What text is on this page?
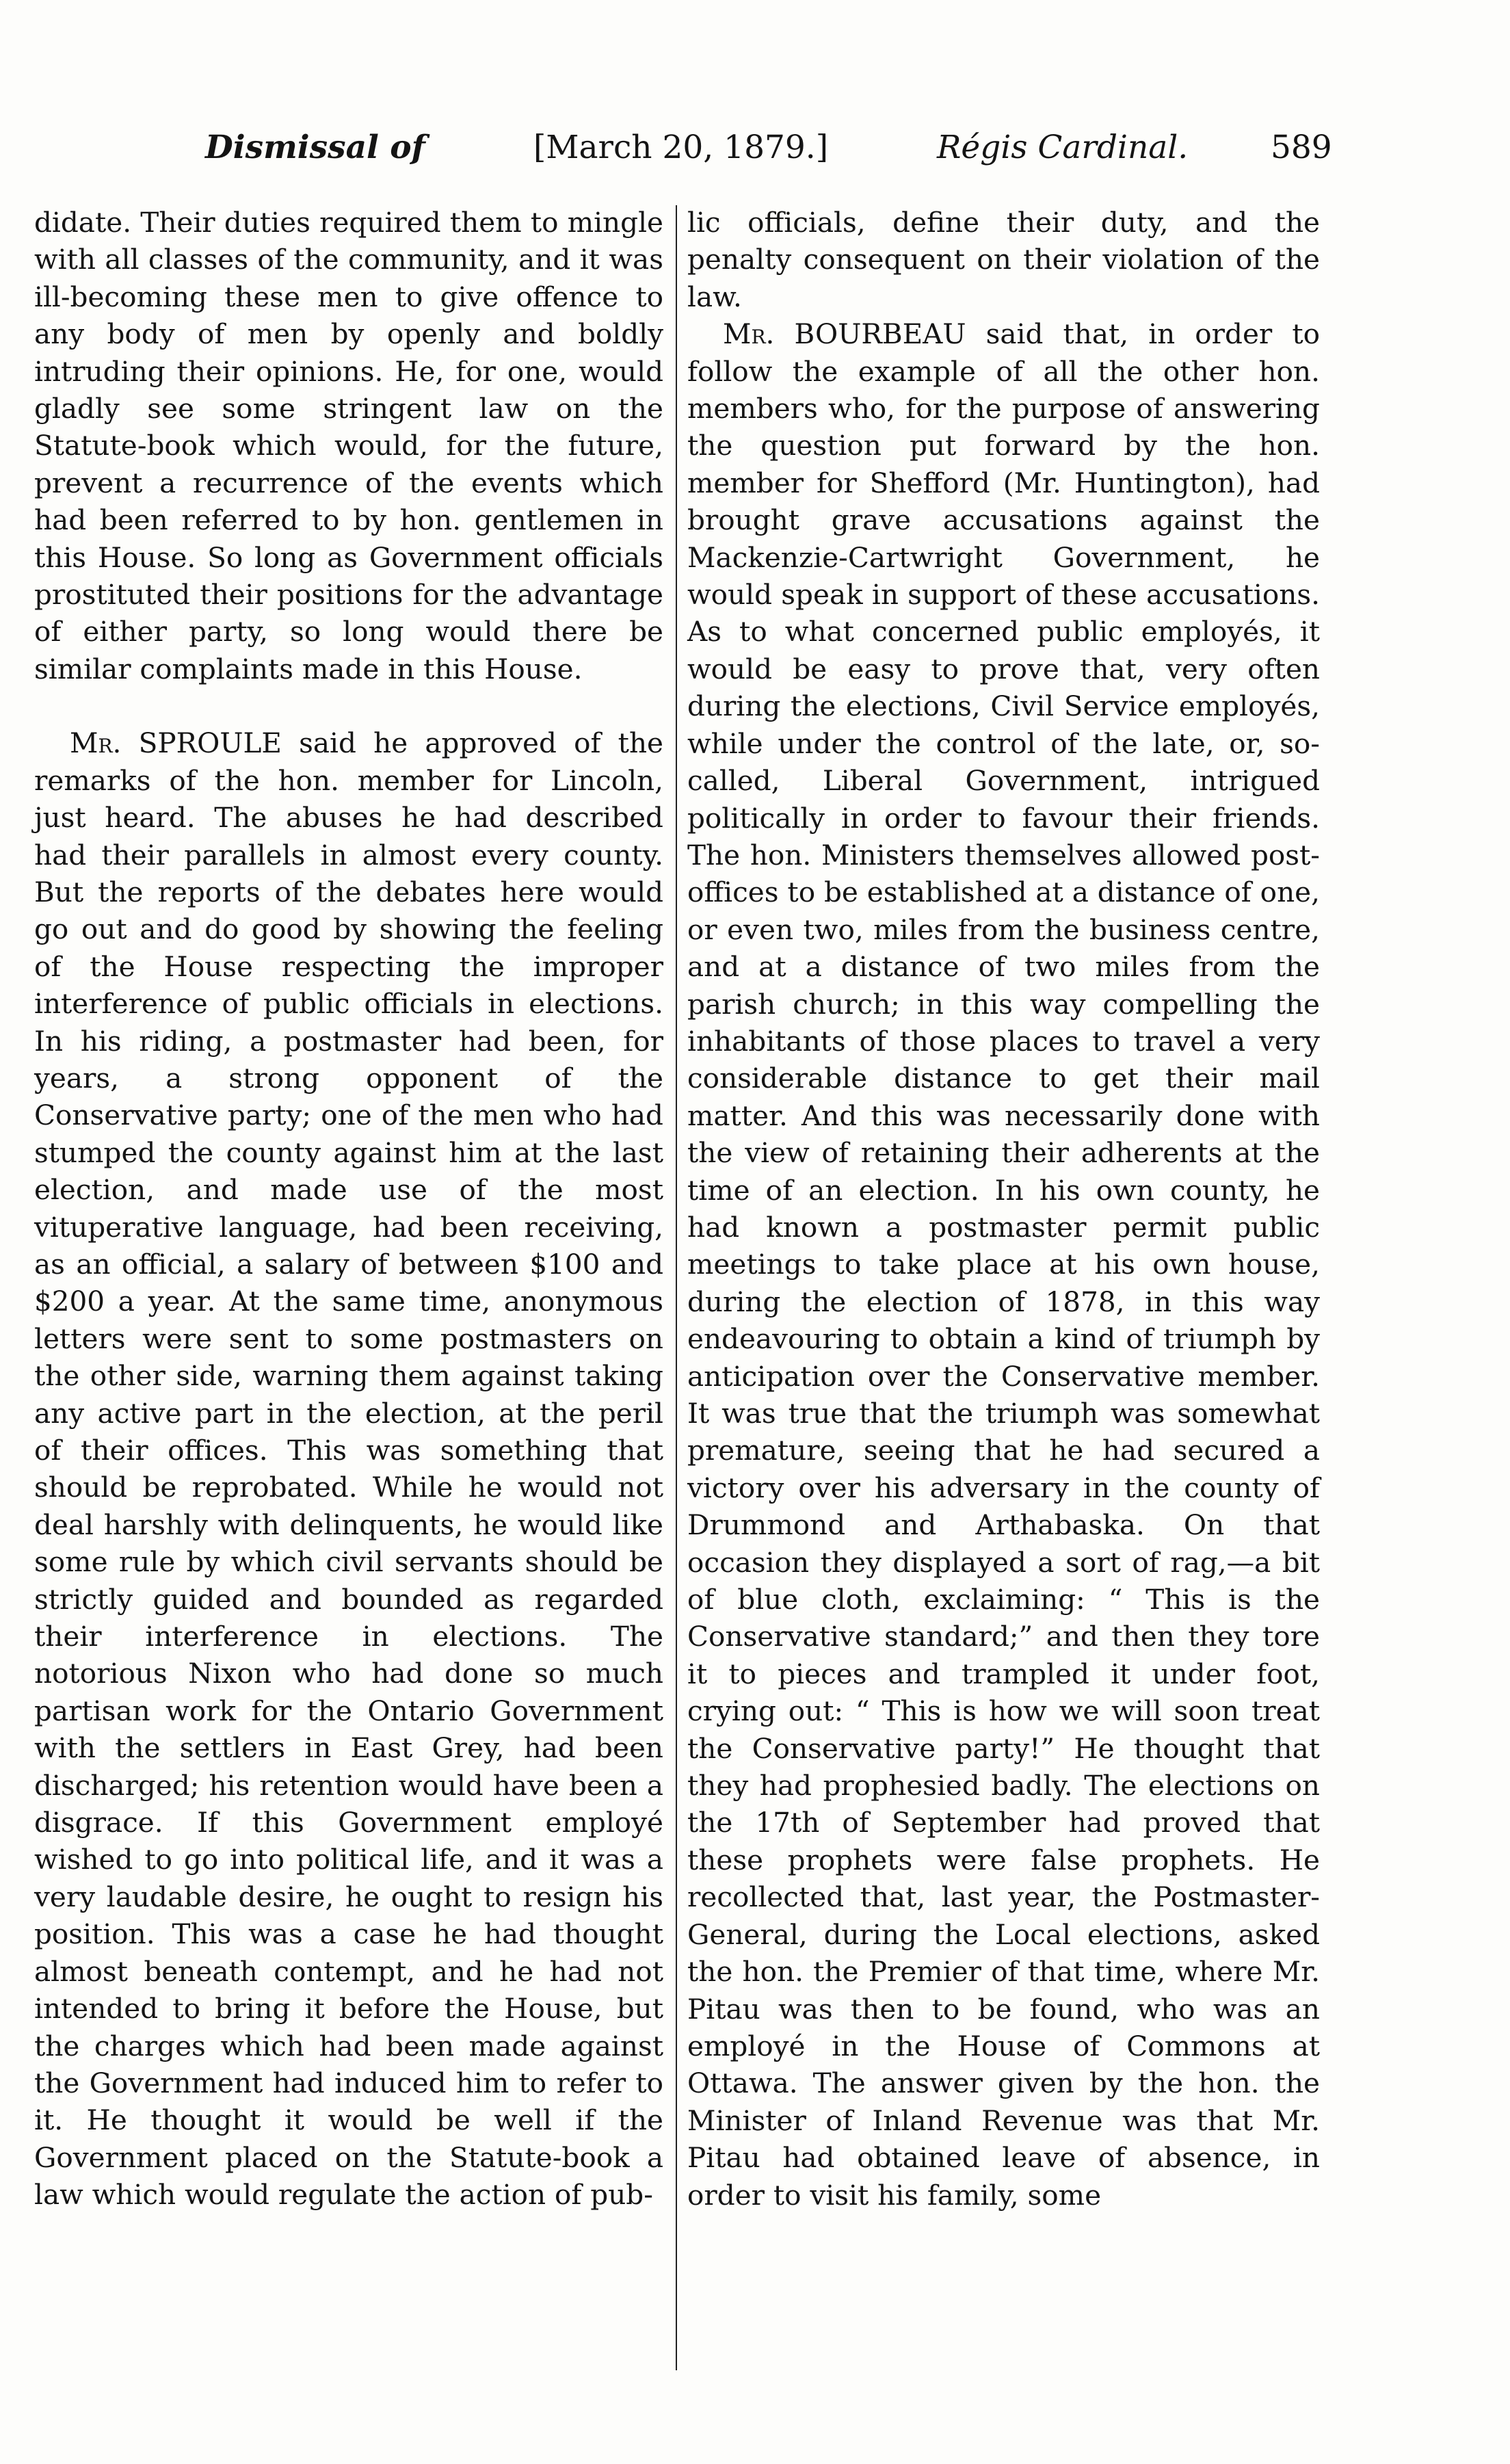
Dismissal of	[March 20, 1879.]	Régis Cardinal.	589

didate. Their duties required them to mingle with all classes of the community, and it was ill-becoming these men to give offence to any body of men by openly and boldly intruding their opinions. He, for one, would gladly see some stringent law on the Statute-book which would, for the future, prevent a recurrence of the events which had been referred to by hon. gentlemen in this House. So long as Government officials prostituted their positions for the advantage of either party, so long would there be similar complaints made in this House.

Mr. SPROULE said he approved of the remarks of the hon. member for Lincoln, just heard. The abuses he had described had their parallels in almost every county. But the reports of the debates here would go out and do good by showing the feeling of the House respecting the improper interference of public officials in elections. In his riding, a postmaster had been, for years, a strong opponent of the Conservative party; one of the men who had stumped the county against him at the last election, and made use of the most vituperative language, had been receiving, as an official, a salary of between $100 and $200 a year. At the same time, anonymous letters were sent to some postmasters on the other side, warning them against taking any active part in the election, at the peril of their offices. This was something that should be reprobated. While he would not deal harshly with delinquents, he would like some rule by which civil servants should be strictly guided and bounded as regarded their interference in elections. The notorious Nixon who had done so much partisan work for the Ontario Government with the settlers in East Grey, had been discharged; his retention would have been a disgrace. If this Government employé wished to go into political life, and it was a very laudable desire, he ought to resign his position. This was a case he had thought almost beneath contempt, and he had not intended to bring it before the House, but the charges which had been made against the Government had induced him to refer to it. He thought it would be well if the Government placed on the Statute-book a law which would regulate the action of pub-

lic officials, define their duty, and the penalty consequent on their violation of the law.

Mr. BOURBEAU said that, in order to follow the example of all the other hon. members who, for the purpose of answering the question put forward by the hon. member for Shefford (Mr. Huntington), had brought grave accusations against the Mackenzie-Cartwright Government, he would speak in support of these accusations. As to what concerned public employés, it would be easy to prove that, very often during the elections, Civil Service employés, while under the control of the late, or, so-called, Liberal Government, intrigued politically in order to favour their friends. The hon. Ministers themselves allowed post-offices to be established at a distance of one, or even two, miles from the business centre, and at a distance of two miles from the parish church; in this way compelling the inhabitants of those places to travel a very considerable distance to get their mail matter. And this was necessarily done with the view of retaining their adherents at the time of an election. In his own county, he had known a postmaster permit public meetings to take place at his own house, during the election of 1878, in this way endeavouring to obtain a kind of triumph by anticipation over the Conservative member. It was true that the triumph was somewhat premature, seeing that he had secured a victory over his adversary in the county of Drummond and Arthabaska. On that occasion they displayed a sort of rag,—a bit of blue cloth, exclaiming: “ This is the Conservative standard;” and then they tore it to pieces and trampled it under foot, crying out: “ This is how we will soon treat the Conservative party!” He thought that they had prophesied badly. The elections on the 17th of September had proved that these prophets were false prophets. He recollected that, last year, the Postmaster-General, during the Local elections, asked the hon. the Premier of that time, where Mr. Pitau was then to be found, who was an employé in the House of Commons at Ottawa. The answer given by the hon. the Minister of Inland Revenue was that Mr. Pitau had obtained leave of absence, in order to visit his family, some
